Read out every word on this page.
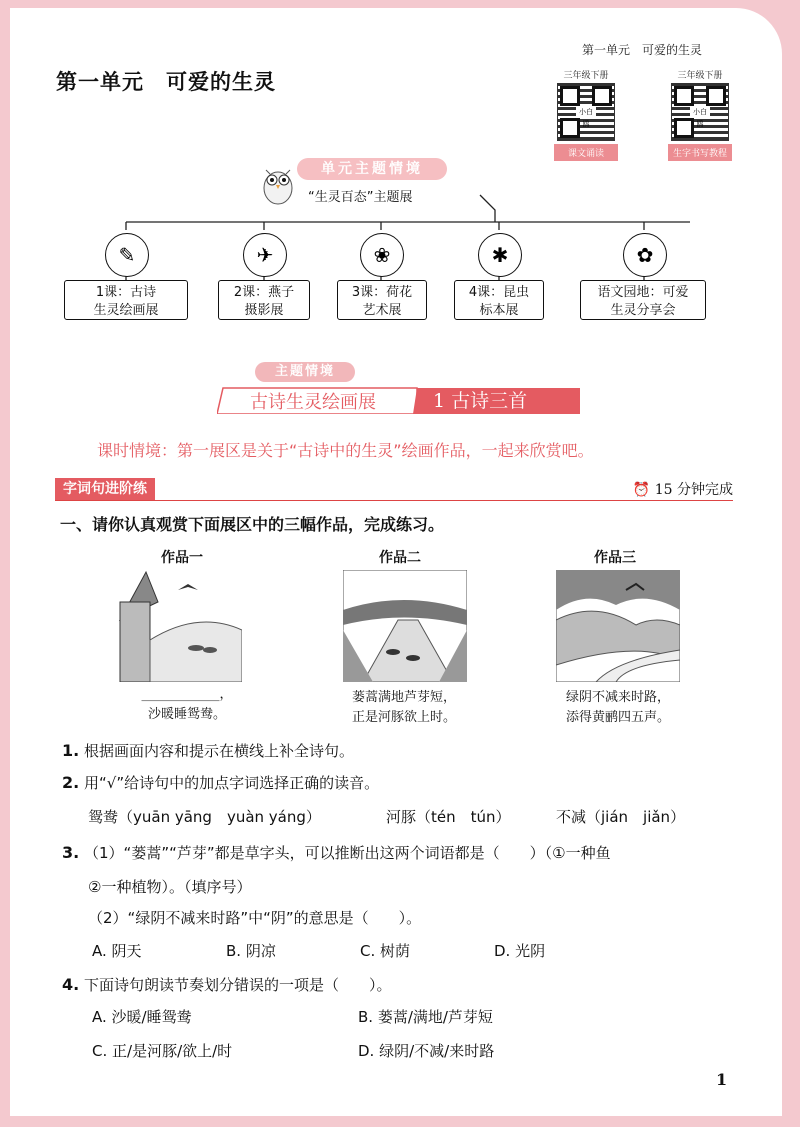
第一单元　可爱的生灵
第一单元　可爱的生灵
三年级下册
小白鸥
课文诵读
三年级下册
小白鸥
生字书写教程
单元主题情境
“生灵百态”主题展
✎	✈	❀	✱	✿
1课：古诗
生灵绘画展
2课：燕子
摄影展
3课：荷花
艺术展
4课：昆虫
标本展
语文园地：可爱
生灵分享会
主题情境
古诗生灵绘画展	1 古诗三首
课时情境：第一展区是关于“古诗中的生灵”绘画作品，一起来欣赏吧。
字词句进阶练	⏰ 15 分钟完成
一、请你认真观赏下面展区中的三幅作品，完成练习。
作品一	作品二	作品三
____________，
沙暖睡鸳鸯。
蒌蒿满地芦芽短，
正是河豚欲上时。
绿阴不减来时路，
添得黄鹂四五声。
1. 根据画面内容和提示在横线上补全诗句。
2. 用“√”给诗句中的加点字词选择正确的读音。
鸳鸯（yuān yāng　yuàn yáng）	河豚（tén　tún）	不减（jián　jiǎn）
3. （1）“蒌蒿”“芦芽”都是草字头，可以推断出这两个词语都是（　　）（①一种鱼
②一种植物）。（填序号）
（2）“绿阴不减来时路”中“阴”的意思是（　　）。
A. 阴天	B. 阴凉	C. 树荫	D. 光阴
4. 下面诗句朗读节奏划分错误的一项是（　　）。
A. 沙暖/睡鸳鸯	B. 蒌蒿/满地/芦芽短
C. 正/是河豚/欲上/时	D. 绿阴/不减/来时路
1
